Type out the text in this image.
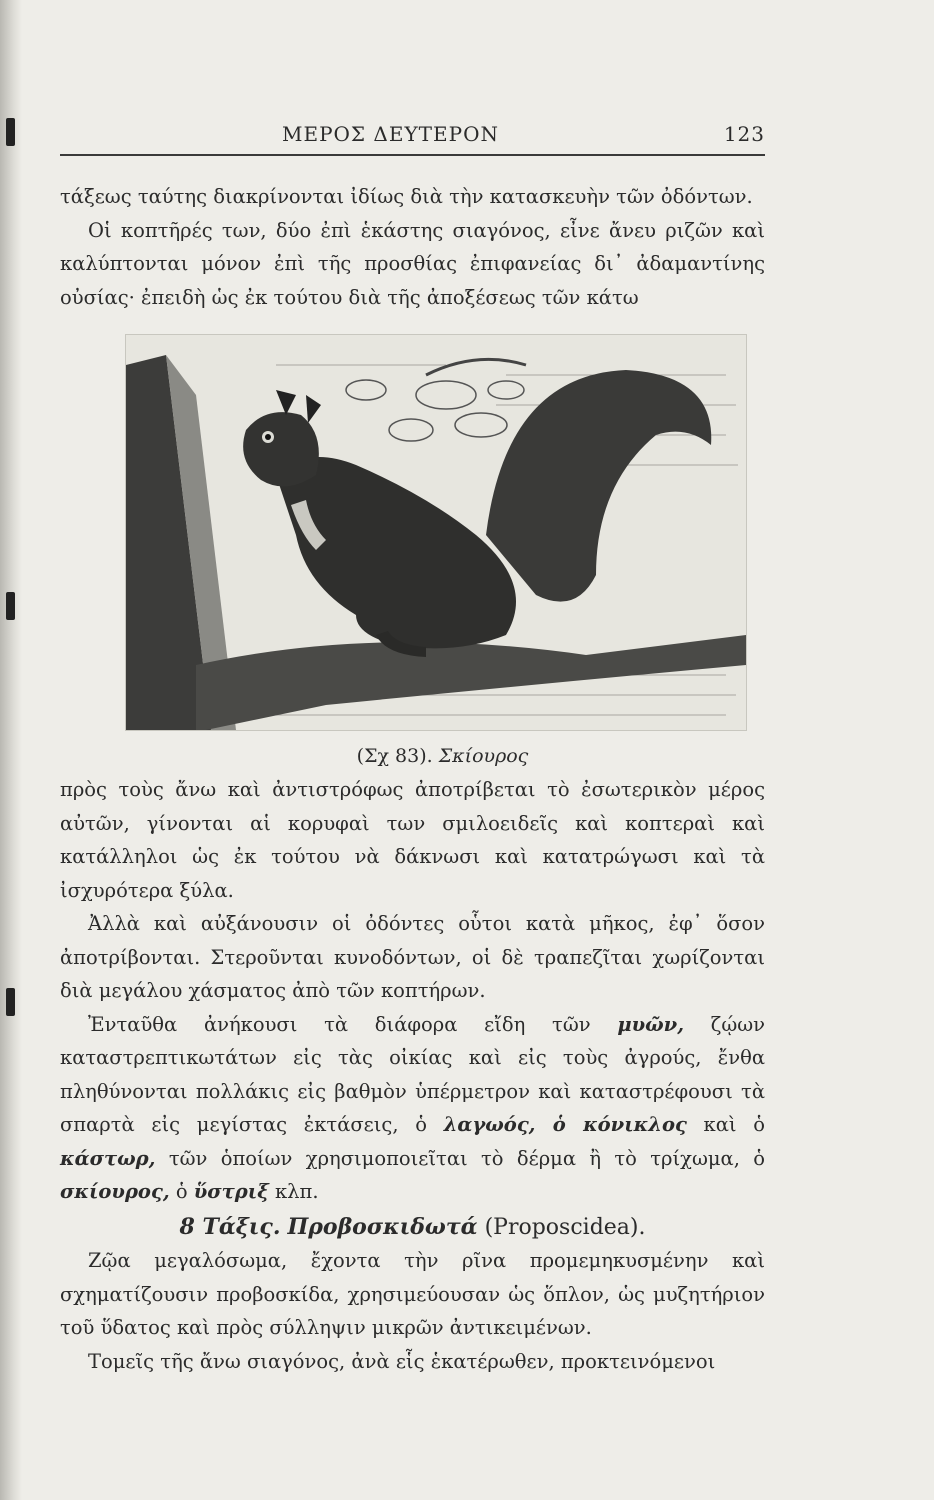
ΜΕΡΟΣ ΔΕΥΤΕΡΟΝ	123

τάξεως ταύτης διακρίνονται ἰδίως διὰ τὴν κατασκευὴν τῶν ὀδόντων.

Οἱ κοπτῆρές των, δύο ἐπὶ ἑκάστης σιαγόνος, εἶνε ἄνευ ριζῶν καὶ καλύπτονται μόνον ἐπὶ τῆς προσθίας ἐπιφανείας δι᾽ ἀδαμαντίνης οὐσίας· ἐπειδὴ ὡς ἐκ τούτου διὰ τῆς ἀποξέσεως τῶν κάτω

(Σχ 83). Σκίουρος

πρὸς τοὺς ἄνω καὶ ἀντιστρόφως ἀποτρίβεται τὸ ἐσωτερικὸν μέρος αὐτῶν, γίνονται αἱ κορυφαὶ των σμιλοειδεῖς καὶ κοπτεραὶ καὶ κατάλληλοι ὡς ἐκ τούτου νὰ δάκνωσι καὶ κατατρώγωσι καὶ τὰ ἰσχυρότερα ξύλα.

Ἀλλὰ καὶ αὐξάνουσιν οἱ ὀδόντες οὗτοι κατὰ μῆκος, ἐφ᾽ ὅσον ἀποτρίβονται. Στεροῦνται κυνοδόντων, οἱ δὲ τραπεζῖται χωρίζονται διὰ μεγάλου χάσματος ἀπὸ τῶν κοπτήρων.

Ἐνταῦθα ἀνήκουσι τὰ διάφορα εἴδη τῶν μυῶν, ζῴων καταστρεπτικωτάτων εἰς τὰς οἰκίας καὶ εἰς τοὺς ἀγρούς, ἔνθα πληθύνονται πολλάκις εἰς βαθμὸν ὑπέρμετρον καὶ καταστρέφουσι τὰ σπαρτὰ εἰς μεγίστας ἐκτάσεις, ὁ λαγωός, ὁ κόνικλος καὶ ὁ κάστωρ, τῶν ὁποίων χρησιμοποιεῖται τὸ δέρμα ἢ τὸ τρίχωμα, ὁ σκίουρος, ὁ ὕστριξ κλπ.

8 Τάξις. Προβοσκιδωτά (Proposcidea).

Ζῷα μεγαλόσωμα, ἔχοντα τὴν ρῖνα προμεμηκυσμένην καὶ σχηματίζουσιν προβοσκίδα, χρησιμεύουσαν ὡς ὅπλον, ὡς μυζητήριον τοῦ ὕδατος καὶ πρὸς σύλληψιν μικρῶν ἀντικειμένων.

Τομεῖς τῆς ἄνω σιαγόνος, ἀνὰ εἷς ἑκατέρωθεν, προκτεινόμενοι
